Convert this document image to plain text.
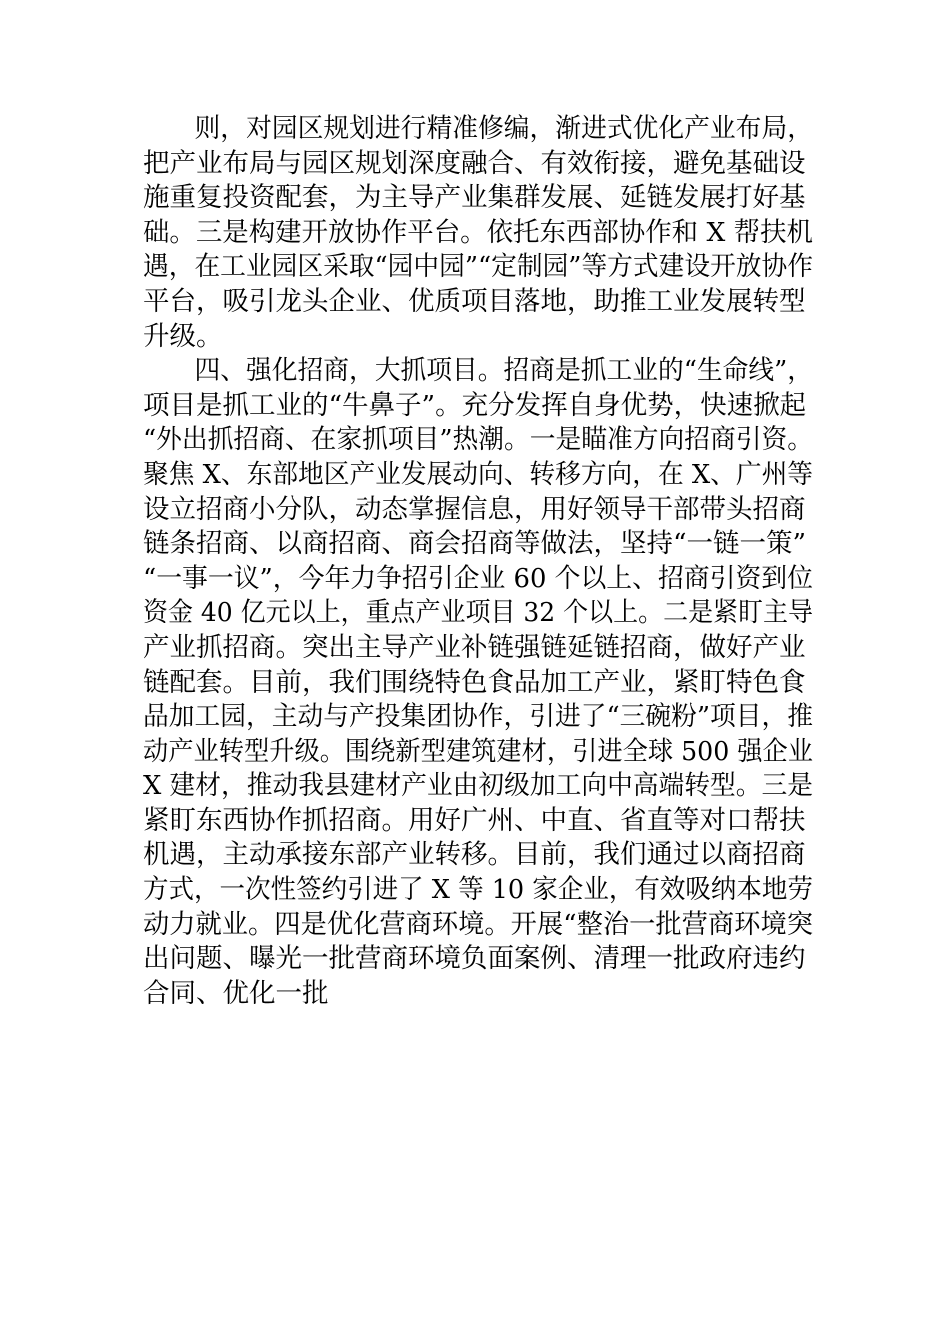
则，对园区规划进行精准修编，渐进式优化产业布局，
把产业布局与园区规划深度融合、有效衔接，避免基础设
施重复投资配套，为主导产业集群发展、延链发展打好基
础。三是构建开放协作平台。依托东西部协作和 X 帮扶机
遇，在工业园区采取“园中园”“定制园”等方式建设开放协作
平台，吸引龙头企业、优质项目落地，助推工业发展转型
升级。
四、强化招商，大抓项目。招商是抓工业的“生命线”，
项目是抓工业的“牛鼻子”。充分发挥自身优势，快速掀起
“外出抓招商、在家抓项目”热潮。一是瞄准方向招商引资。
聚焦 X、东部地区产业发展动向、转移方向，在 X、广州等
设立招商小分队，动态掌握信息，用好领导干部带头招商
链条招商、以商招商、商会招商等做法，坚持“一链一策”
“一事一议”，今年力争招引企业 60 个以上、招商引资到位
资金 40 亿元以上，重点产业项目 32 个以上。二是紧盯主导
产业抓招商。突出主导产业补链强链延链招商，做好产业
链配套。目前，我们围绕特色食品加工产业，紧盯特色食
品加工园，主动与产投集团协作，引进了“三碗粉”项目，推
动产业转型升级。围绕新型建筑建材，引进全球 500 强企业
X 建材，推动我县建材产业由初级加工向中高端转型。三是
紧盯东西协作抓招商。用好广州、中直、省直等对口帮扶
机遇，主动承接东部产业转移。目前，我们通过以商招商
方式，一次性签约引进了 X 等 10 家企业，有效吸纳本地劳
动力就业。四是优化营商环境。开展“整治一批营商环境突
出问题、曝光一批营商环境负面案例、清理一批政府违约
合同、优化一批
